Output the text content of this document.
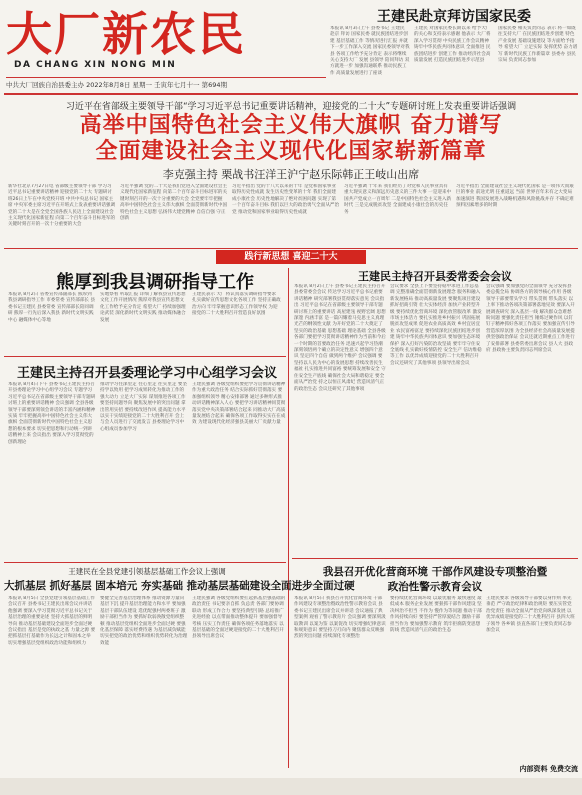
大厂新农民
DA CHANG XIN NONG MIN
中共大厂回族自治县委主办 2022年8月8日 星期一 壬寅年七月十一 第694期
王建民赴京拜访国家民委
本报讯 8月3日上午 县委书记 王建民 赴京 拜访 国家民委 就民族团结进步创建 基层基础工作 等情况进行汇报 并就下一步工作深入交流 国家民委领导对我县 各项工作给予充分肯定 表示将继续关心支持大厂 发展 县领导 陪同拜访 双方就进一步 加强沟通联系 推动民族工作 高质量发展进行了座谈
王建民 对国家民委长期以来 给予大厂的关心和支持表示感谢 他表示 大厂将深入学习贯彻 中央民族工作会议精神 铸牢中华民族共同体意识 全面推进 民族团结进步 创建工作 推动经济社会高质量发展 打造民族团结进步示范县
国家民委 相关负责同志 表示 将一如既往支持大厂 在民族团结进步创建 特色产业发展 基础设施建设 等方面给予指导 希望大厂 立足实际 发挥优势 奋力谱写 新时代民族工作新篇章 县委办 县民宗局 负责同志参加
习近平在省部级主要领导干部“学习习近平总书记重要讲话精神，迎接党的二十大”专题研讨班上发表重要讲话强调
高举中国特色社会主义伟大旗帜 奋力谱写
全面建设社会主义现代化国家崭新篇章
李克强主持 栗战书汪洋王沪宁赵乐际韩正王岐山出席
新华社北京7月27日电 省部级主要领导干部 学习习近平总书记重要讲话精神 迎接党的二十大 专题研讨班26日上午在中央党校开班 中共中央总书记 国家主席 中央军委主席习近平在开班式上发表重要讲话强调 党的二十大是在全党全国各族人民迈上全面建设社会主义现代化国家新征程 向第二个百年奋斗目标进军的关键时刻召开的一次十分重要的大会
习近平强调 党的二十大是我们党进入全面建设社会主义现代化国家新征程 向第二个百年奋斗目标进军的关键时刻召开的一次十分重要的大会 全党要牢牢把握 高举中国特色社会主义伟大旗帜 全面贯彻新时代中国特色社会主义思想 弘扬伟大建党精神 自信自强 守正创新
习近平指出 党的十八大以来的十年 是党和国家事业取得历史性成就 发生历史性变革的十年 我们全面建成小康社会 历史性地解决了绝对贫困问题 实现了第一个百年奋斗目标 我们以巨大的政治勇气全面从严治党 推动党和国家事业取得历史性成就
习近平强调 十年来 我们经历了对党和人民事业具有重大现实意义和深远历史意义的三件大事 一是迎来中国共产党成立一百周年 二是中国特色社会主义进入新时代 三是完成脱贫攻坚 全面建成小康社会的历史任务
习近平指出 全面建设社会主义现代化国家 是一项伟大而艰巨的事业 前途光明 任重道远 当前 世界百年未有之大变局加速演进 我国发展进入战略机遇和风险挑战并存 不确定难预料因素增多的时期
践行新思想 喜迎二十大
熊厚到我县调研指导工作
本报讯 8月2日 省委宣传部副部长 熊厚到我县调研指导工作 市委常委 宣传部部长 县委书记王建民 县委常委 宣传部部长陪同调研 熊厚一行先后深入我县 新时代文明实践中心 融媒体中心等地
实地察看 听取汇报 详细了解我县宣传思想文化工作开展情况 熊厚对我县宣传思想文化工作给予充分肯定 希望大厂 持续加强理论武装 深化新时代文明实践 推动媒体融合发展
王建民表示 大厂将认真落实调研指导要求 扎实做好宣传思想文化各项工作 坚持正确政治方向 牢牢掌握意识形态工作领导权 为迎接党的二十大胜利召开营造良好氛围
王建民主持召开县委常委会会议
本报讯 8月2日上午 县委书记王建民主持召开县委常委会会议 传达学习习近平总书记重要讲话精神 研究部署我县贯彻落实意见 会议指出 习近平总书记在省部级主要领导干部专题研讨班上的重要讲话 高屋建瓴 视野宏阔 思想深邃 内涵丰富 是一篇闪耀着马克思主义真理光芒的纲领性文献 为开好党的二十大奠定了坚实的政治基础 思想基础 理论基础 全县各级各部门要把学习贯彻讲话精神作为当前和今后一个时期的首要政治任务 迅速兴起学习热潮 深刻领悟两个确立的决定性意义 增强四个意识 坚定四个自信 做到两个维护 会议强调 要坚持以人民为中心的发展思想 持续改善民生福祉 扎实推进共同富裕 要统筹发展和安全 守住安全生产底线 确保社会大局和谐稳定 要全面从严治党 持之以恒正风肃纪 营造风清气正的政治生态 会议还研究了其他事项
会议要求 全县上下要坚持稳中求进工作总基调 完整准确全面贯彻新发展理念 服务和融入新发展格局 推动高质量发展 要聚焦项目建设 抓好招商引资 壮大实体经济 加快产业转型升级 要持续优化营商环境 深化放管服改革 激发市场主体活力 要扎实推进乡村振兴 巩固拓展脱贫攻坚成果 促进农业高质高效 乡村宜居宜业 农民富裕富足 要持续深化民族团结进步创建 铸牢中华民族共同体意识 要加强生态环境保护 深入打好污染防治攻坚战 要牢牢守住安全底线 扎实做好疫情防控 安全生产 信访维稳等工作 以优异成绩迎接党的二十大胜利召开 会议还研究了其他事项 县领导出席会议
会议强调 要加强党的全面领导 充分发挥县委总揽全局 协调各方的领导核心作用 各级领导干部要带头学习 带头贯彻 带头落实 以上率下推动各项决策部署落地见效 要深入开展调查研究 深入基层一线 解决群众急难愁盼问题 要强化责任担当 锤炼过硬作风 以钉钉子精神抓好各项工作落实 要加强宣传引导 营造浓厚氛围 为全县经济社会高质量发展提供坚强政治保证 会议还就近期重点工作进行了安排部署 县委常委出席会议 县人大 县政府 县政协主要负责同志列席会议
王建民主持召开县委理论学习中心组学习会议
本报讯 8月4日下午 县委书记王建民主持召开县委理论学习中心组学习会议 专题学习习近平总书记在省部级主要领导干部专题研讨班上的重要讲话精神 会议强调 全县各级领导干部要深刻领会讲话的丰富内涵和精神实质 牢牢把握高举中国特色社会主义伟大旗帜 全面贯彻新时代中国特色社会主义思想的根本要求 切实把思想和行动统一到讲话精神上来 会议指出 要深入学习贯彻党的创新理论
推动学习往深里走 往心里走 往实里走 要坚持学以致用 把学习成果转化为推动工作的强大动力 立足大厂实际 谋划推进各项工作 要坚持问题导向 聚焦发展中的突出问题 拿出管用实招 要持续改进作风 提高能力水平 以实干实绩迎接党的二十大胜利召开 会上 与会人员进行了交流发言 县委理论学习中心组成员参加学习
王建民强调 各级党组织要把学习贯彻讲话精神作为重大政治任务 结合实际抓好贯彻落实 要加强组织领导 精心安排部署 通过多种形式推动讲话精神深入人心 要把学习讲话精神同贯彻落实党中央决策部署结合起来 同推动大厂高质量发展结合起来 确保各项工作取得实实在在成效 为建设现代化经济强县美丽大厂贡献力量
王建民在全县党建引领基层基础工作会议上强调
大抓基层 抓好基层 固本培元 夯实基础 推动基层基础建设全面进步全面过硬
本报讯 8月5日 全县党建引领基层基础工作会议召开 县委书记王建民出席会议并讲话 他强调 要深入学习贯彻习近平总书记关于基层治理的重要论述 坚持大抓基层的鲜明导向 推动基层基础建设全面进步全面过硬 会议指出 基层是党的执政之基 力量之源 要把抓基层打基础作为长远之计和固本之举 切实增强基层党组织政治功能和组织力
要健全完善基层治理体系 推动资源力量向基层下沉 提升基层治理能力和水平 要加强基层干部队伍建设 选优配强村两委班子 激励干部担当作为 要抓好软弱涣散党组织整顿 推动基层党组织全面进步全面过硬 要强化基层保障 落实经费待遇 为基层减负赋能 切实把党的政治优势和组织优势转化为治理效能
王建民强调 各级党组织要扛起抓基层强基础的政治责任 书记要亲自抓 负总责 各部门要协调联动 形成工作合力 要坚持典型引路 总结推广先进经验 以点带面推动整体提升 要加强督导考核 压实工作责任 确保各项任务落地落实 以基层基础的全面过硬迎接党的二十大胜利召开 县领导出席会议
我县召开优化营商环境 干部作风建设专项整治暨
政治性警示教育会议
本报讯 8月5日 我县召开优化营商环境 干部作风建设专项整治暨政治性警示教育会议 县委书记王建民出席会议并讲话 会议通报了典型案例 观看了警示教育片 会议强调 要深刻汲取教训 以案为鉴 以案促改 切实增强纪律意识和规矩意识 要坚持刀刃向内 聚焦群众反映强烈的突出问题 持续深化专项整治
要持续优化营商环境 以最优服务 最快速度 最低成本 服务企业发展 要狠抓干部作风建设 坚决纠治不担当 不作为 慢作为等问题 推动干部作风持续向好 要坚持严管厚爱结合 激励干部担当作为 要加强警示教育 筑牢拒腐防变思想防线 营造风清气正的政治生态
王建民要求 各级领导干部要以身作则 率先垂范 严守政治纪律和政治规矩 要压实管党治党责任 推动全面从严治党向纵深发展 以优异成绩迎接党的二十大胜利召开 县四大班子领导 各乡镇 县直各部门主要负责同志参加会议
内部资料 免费交流
